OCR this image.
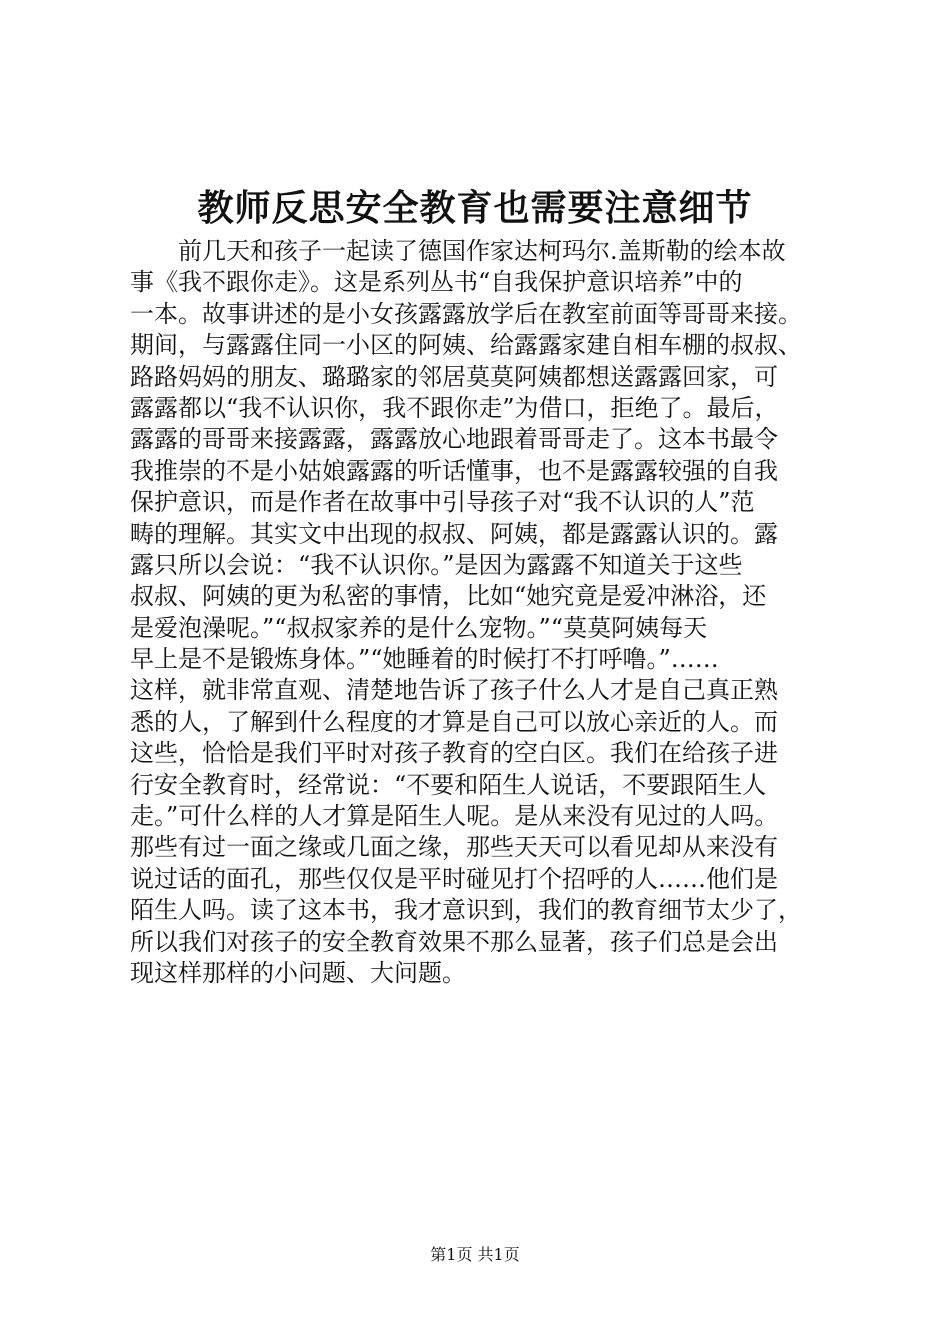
教师反思安全教育也需要注意细节
前几天和孩子一起读了德国作家达柯玛尔.盖斯勒的绘本故
事《我不跟你走》。这是系列丛书“自我保护意识培养”中的
一本。故事讲述的是小女孩露露放学后在教室前面等哥哥来接。
期间，与露露住同一小区的阿姨、给露露家建自相车棚的叔叔、
路路妈妈的朋友、璐璐家的邻居莫莫阿姨都想送露露回家，可
露露都以“我不认识你，我不跟你走”为借口，拒绝了。最后，
露露的哥哥来接露露，露露放心地跟着哥哥走了。这本书最令
我推崇的不是小姑娘露露的听话懂事，也不是露露较强的自我
保护意识，而是作者在故事中引导孩子对“我不认识的人”范
畴的理解。其实文中出现的叔叔、阿姨，都是露露认识的。露
露只所以会说：“我不认识你。”是因为露露不知道关于这些
叔叔、阿姨的更为私密的事情，比如“她究竟是爱冲淋浴，还
是爱泡澡呢。”“叔叔家养的是什么宠物。”“莫莫阿姨每天
早上是不是锻炼身体。”“她睡着的时候打不打呼噜。”……
这样，就非常直观、清楚地告诉了孩子什么人才是自己真正熟
悉的人，了解到什么程度的才算是自己可以放心亲近的人。而
这些，恰恰是我们平时对孩子教育的空白区。我们在给孩子进
行安全教育时，经常说：“不要和陌生人说话，不要跟陌生人
走。”可什么样的人才算是陌生人呢。是从来没有见过的人吗。
那些有过一面之缘或几面之缘，那些天天可以看见却从来没有
说过话的面孔，那些仅仅是平时碰见打个招呼的人……他们是
陌生人吗。读了这本书，我才意识到，我们的教育细节太少了，
所以我们对孩子的安全教育效果不那么显著，孩子们总是会出
现这样那样的小问题、大问题。
第1页 共1页
